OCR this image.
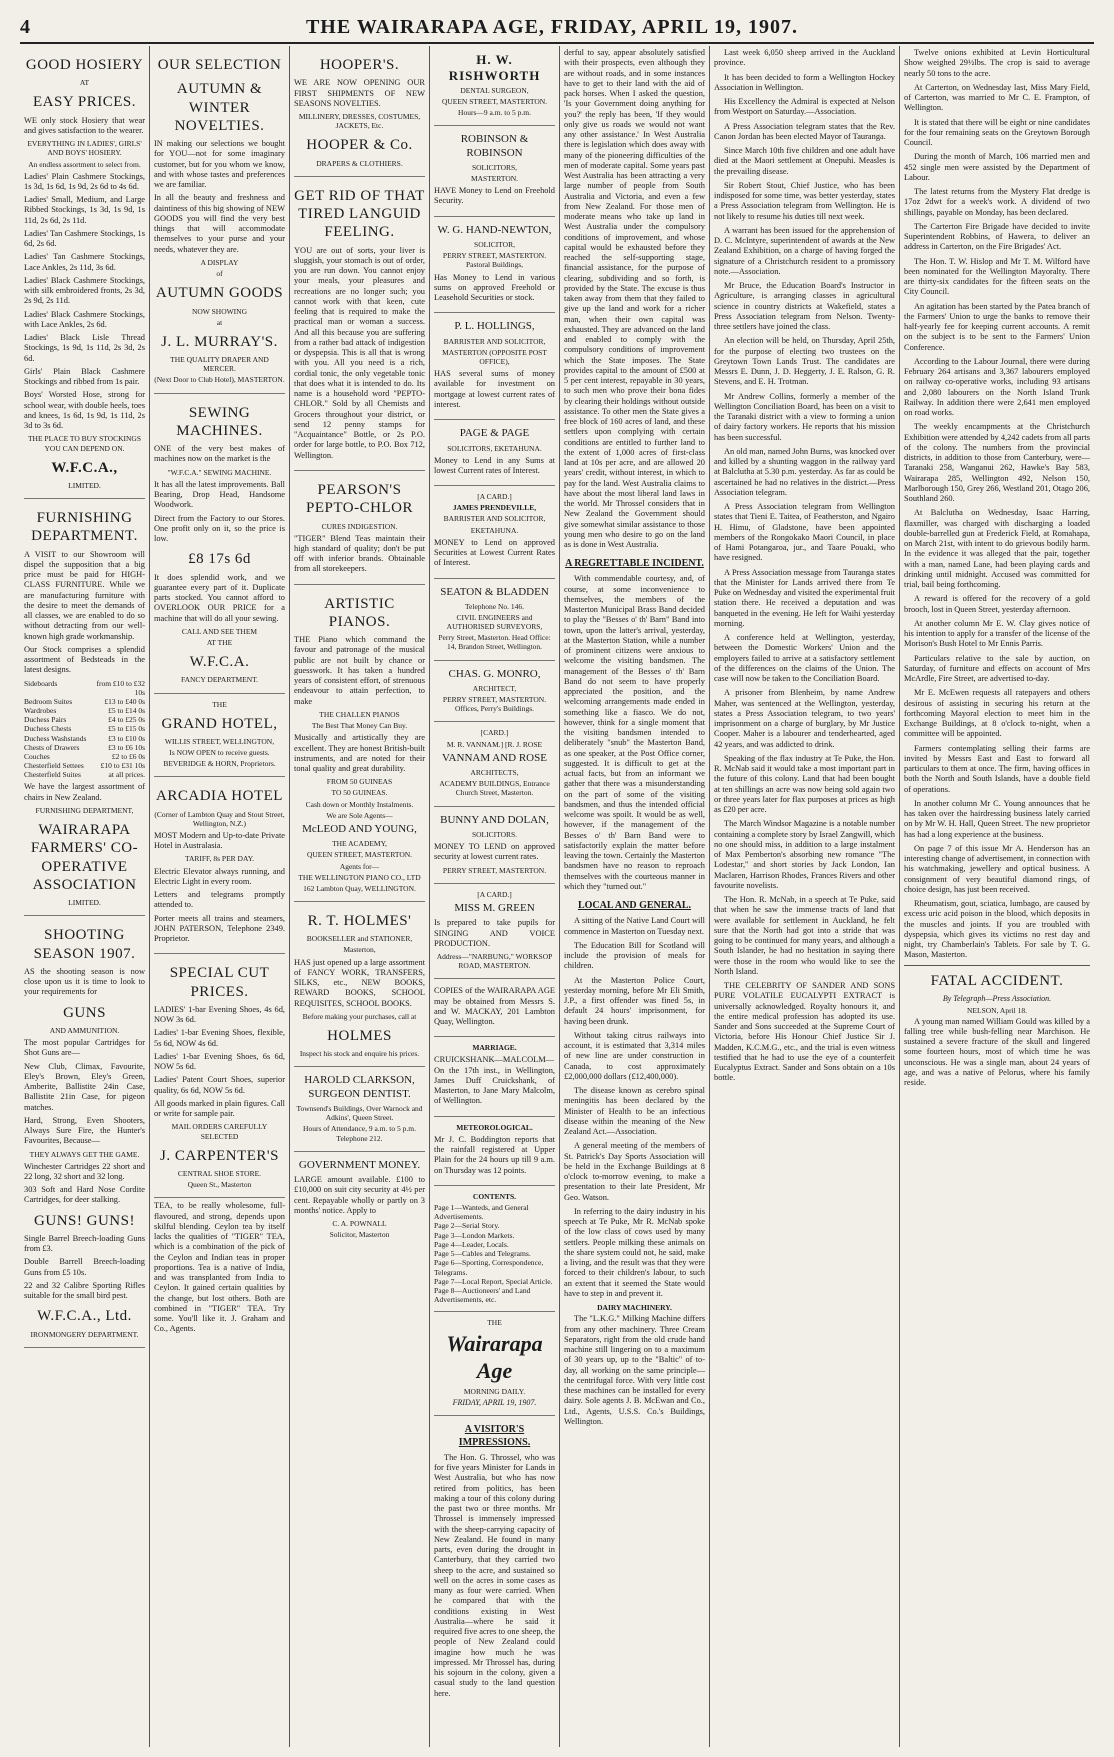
4	THE WAIRARAPA AGE, FRIDAY, APRIL 19, 1907.
GOOD HOSIERY
AT
EASY PRICES.
WE only stock Hosiery that wear and gives satisfaction to the wearer.
EVERYTHING IN LADIES', GIRLS' AND BOYS' HOSIERY.
An endless assortment to select from.
Ladies' Plain Cashmere Stockings, 1s 3d, 1s 6d, 1s 9d, 2s 6d to 4s 6d.
Ladies' Small, Medium, and Large Ribbed Stockings, 1s 3d, 1s 9d, 1s 11d, 2s 6d, 2s 11d.
Ladies' Tan Cashmere Stockings, 1s 6d, 2s 6d.
Ladies' Tan Cashmere Stockings, Lace Ankles, 2s 11d, 3s 6d.
Ladies' Black Cashmere Stockings, with silk embroidered fronts, 2s 3d, 2s 9d, 2s 11d.
Ladies' Black Cashmere Stockings, with Lace Ankles, 2s 6d.
Ladies' Black Lisle Thread Stockings, 1s 9d, 1s 11d, 2s 3d, 2s 6d.
Girls' Plain Black Cashmere Stockings and ribbed from 1s pair.
Boys' Worsted Hose, strong for school wear, with double heels, toes and knees, 1s 6d, 1s 9d, 1s 11d, 2s 3d to 3s 6d.
THE PLACE TO BUY STOCKINGS YOU CAN DEPEND ON.
W.F.C.A.,
LIMITED.
FURNISHING DEPARTMENT.
A VISIT to our Showroom will dispel the supposition that a big price must be paid for HIGH-CLASS FURNITURE. While we are manufacturing furniture with the desire to meet the demands of all classes, we are enabled to do so without detracting from our well-known high grade workmanship.
Our Stock comprises a splendid assortment of Bedsteads in the latest designs.
Sideboards	from £10 to £32 10s
Bedroom Suites	£13 to £40 0s
Wardrobes	£5 to £14 0s
Duchess Pairs	£4 to £25 0s
Duchess Chests	£5 to £15 0s
Duchess Washstands	£3 to £10 0s
Chests of Drawers	£3 to £6 10s
Couches	£2 to £6 0s
Chesterfield Settees	£10 to £31 10s
Chesterfield Suites	at all prices.
We have the largest assortment of chairs in New Zealand.
FURNISHING DEPARTMENT,
WAIRARAPA FARMERS' CO-OPERATIVE ASSOCIATION
LIMITED.
SHOOTING SEASON 1907.
AS the shooting season is now close upon us it is time to look to your requirements for
GUNS
AND AMMUNITION.
The most popular Cartridges for Shot Guns are—
New Club, Climax, Favourite, Eley's Brown, Eley's Green, Amberite, Ballistite 24in Case, Ballistite 21in Case, for pigeon matches.
Hard, Strong, Even Shooters, Always Sure Fire, the Hunter's Favourites, Because—
THEY ALWAYS GET THE GAME.
Winchester Cartridges 22 short and 22 long, 32 short and 32 long.
303 Soft and Hard Nose Cordite Cartridges, for deer stalking.
GUNS! GUNS!
Single Barrel Breech-loading Guns from £3.
Double Barrell Breech-loading Guns from £5 10s.
22 and 32 Calibre Sporting Rifles suitable for the small bird pest.
W.F.C.A., Ltd.
IRONMONGERY DEPARTMENT.
OUR SELECTION
AUTUMN & WINTER NOVELTIES.
IN making our selections we bought for YOU—not for some imaginary customer, but for you whom we know, and with whose tastes and preferences we are familiar.
In all the beauty and freshness and daintiness of this big showing of NEW GOODS you will find the very best things that will accommodate themselves to your purse and your needs, whatever they are.
A DISPLAY
of
AUTUMN GOODS
NOW SHOWING
at
J. L. MURRAY'S.
THE QUALITY DRAPER AND MERCER.
(Next Door to Club Hotel), MASTERTON.
SEWING MACHINES.
ONE of the very best makes of machines now on the market is the
"W.F.C.A." SEWING MACHINE.
It has all the latest improvements. Ball Bearing, Drop Head, Handsome Woodwork.
Direct from the Factory to our Stores. One profit only on it, so the price is low.
£8 17s 6d
It does splendid work, and we guarantee every part of it. Duplicate parts stocked. You cannot afford to OVERLOOK OUR PRICE for a machine that will do all your sewing.
CALL AND SEE THEM
AT THE
W.F.C.A.
FANCY DEPARTMENT.
THE
GRAND HOTEL,
WILLIS STREET, WELLINGTON,
Is NOW OPEN to receive guests.
BEVERIDGE & HORN, Proprietors.
ARCADIA HOTEL
(Corner of Lambton Quay and Stout Street, Wellington, N.Z.)
MOST Modern and Up-to-date Private Hotel in Australasia.
TARIFF, 8s PER DAY.
Electric Elevator always running, and Electric Light in every room.
Letters and telegrams promptly attended to.
Porter meets all trains and steamers, JOHN PATERSON, Telephone 2349. Proprietor.
SPECIAL CUT PRICES.
LADIES' 1-bar Evening Shoes, 4s 6d, NOW 3s 6d.
Ladies' 1-bar Evening Shoes, flexible, 5s 6d, NOW 4s 6d.
Ladies' 1-bar Evening Shoes, 6s 6d, NOW 5s 6d.
Ladies' Patent Court Shoes, superior quality, 6s 6d, NOW 5s 6d.
All goods marked in plain figures. Call or write for sample pair.
MAIL ORDERS CAREFULLY SELECTED
J. CARPENTER'S
CENTRAL SHOE STORE.
Queen St., Masterton
TEA, to be really wholesome, full-flavoured, and strong, depends upon skilful blending. Ceylon tea by itself lacks the qualities of "TIGER" TEA, which is a combination of the pick of the Ceylon and Indian teas in proper proportions. Tea is a native of India, and was transplanted from India to Ceylon. It gained certain qualities by the change, but lost others. Both are combined in "TIGER" TEA. Try some. You'll like it. J. Graham and Co., Agents.
HOOPER'S.
WE ARE NOW OPENING OUR FIRST SHIPMENTS OF NEW SEASONS NOVELTIES.
MILLINERY, DRESSES, COSTUMES, JACKETS, Etc.
HOOPER & Co.
DRAPERS & CLOTHIERS.
GET RID OF THAT TIRED LANGUID FEELING.
YOU are out of sorts, your liver is sluggish, your stomach is out of order, you are run down. You cannot enjoy your meals, your pleasures and recreations are no longer such; you cannot work with that keen, cute feeling that is required to make the practical man or woman a success. And all this because you are suffering from a rather bad attack of indigestion or dyspepsia. This is all that is wrong with you. All you need is a rich, cordial tonic, the only vegetable tonic that does what it is intended to do. Its name is a household word "PEPTO-CHLOR." Sold by all Chemists and Grocers throughout your district, or send 12 penny stamps for "Acquaintance" Bottle, or 2s P.O. order for large bottle, to P.O. Box 712, Wellington.
PEARSON'S PEPTO-CHLOR
CURES INDIGESTION.
"TIGER" Blend Teas maintain their high standard of quality; don't be put off with inferior brands. Obtainable from all storekeepers.
ARTISTIC PIANOS.
THE Piano which command the favour and patronage of the musical public are not built by chance or guesswork. It has taken a hundred years of consistent effort, of strenuous endeavour to attain perfection, to make
THE CHALLEN PIANOS
The Best That Money Can Buy.
Musically and artistically they are excellent. They are honest British-built instruments, and are noted for their tonal quality and great durability.
FROM 50 GUINEAS
TO 50 GUINEAS.
Cash down or Monthly Instalments.
We are Sole Agents—
McLEOD AND YOUNG,
THE ACADEMY,
QUEEN STREET, MASTERTON.
Agents for—
THE WELLINGTON PIANO CO., LTD
162 Lambton Quay, WELLINGTON.
R. T. HOLMES'
BOOKSELLER and STATIONER,
Masterton,
HAS just opened up a large assortment of FANCY WORK, TRANSFERS, SILKS, etc., NEW BOOKS, REWARD BOOKS, SCHOOL REQUISITES, SCHOOL BOOKS.
Before making your purchases, call at
HOLMES
Inspect his stock and enquire his prices.
HAROLD CLARKSON, SURGEON DENTIST.
Townsend's Buildings, Over Warnock and Adkins', Queen Street.
Hours of Attendance, 9 a.m. to 5 p.m. Telephone 212.
GOVERNMENT MONEY.
LARGE amount available. £100 to £10,000 on suit city security at 4½ per cent. Repayable wholly or partly on 3 months' notice. Apply to
C. A. POWNALL
Solicitor, Masterton
H. W. RISHWORTH
DENTAL SURGEON,
QUEEN STREET, MASTERTON.
Hours—9 a.m. to 5 p.m.
ROBINSON & ROBINSON
SOLICITORS,
MASTERTON.
HAVE Money to Lend on Freehold Security.
W. G. HAND-NEWTON,
SOLICITOR,
PERRY STREET, MASTERTON. Pastoral Buildings,
Has Money to Lend in various sums on approved Freehold or Leasehold Securities or stock.
P. L. HOLLINGS,
BARRISTER AND SOLICITOR,
MASTERTON (OPPOSITE POST OFFICE),
HAS several sums of money available for investment on mortgage at lowest current rates of interest.
PAGE & PAGE
SOLICITORS, EKETAHUNA.
Money to Lend in any Sums at lowest Current rates of Interest.
[A CARD.]
JAMES PRENDEVILLE,
BARRISTER AND SOLICITOR,
EKETAHUNA.
MONEY to Lend on approved Securities at Lowest Current Rates of Interest.
SEATON & BLADDEN
Telephone No. 146.
CIVIL ENGINEERS and AUTHORISED SURVEYORS,
Perry Street, Masterton. Head Office: 14, Brandon Street, Wellington.
CHAS. G. MONRO,
ARCHITECT,
PERRY STREET, MASTERTON. Offices, Perry's Buildings.
[CARD.]
M. R. VANNAM.] [R. J. ROSE
VANNAM AND ROSE
ARCHITECTS,
ACADEMY BUILDINGS, Entrance Church Street, Masterton.
BUNNY AND DOLAN,
SOLICITORS.
MONEY TO LEND on approved security at lowest current rates.
PERRY STREET, MASTERTON.
[A CARD.]
MISS M. GREEN
Is prepared to take pupils for SINGING AND VOICE PRODUCTION.
Address—"NARBUNG," WORKSOP ROAD, MASTERTON.
COPIES of the WAIRARAPA AGE may be obtained from Messrs S. and W. MACKAY, 201 Lambton Quay, Wellington.
MARRIAGE.
CRUICKSHANK—MALCOLM—On the 17th inst., in Wellington, James Duff Cruickshank, of Masterton, to Jane Mary Malcolm, of Wellington.
METEOROLOGICAL.
Mr J. C. Boddington reports that the rainfall registered at Upper Plain for the 24 hours up till 9 a.m. on Thursday was 12 points.
CONTENTS.
Page 1—Wanteds, and General Advertisements.
Page 2—Serial Story.
Page 3—London Markets.
Page 4—Leader, Locals.
Page 5—Cables and Telegrams.
Page 6—Sporting, Correspondence, Telegrams.
Page 7—Local Report, Special Article.
Page 8—Auctioneers' and Land Advertisements, etc.
THE
Wairarapa Age
MORNING DAILY.
FRIDAY, APRIL 19, 1907.
A VISITOR'S IMPRESSIONS.
The Hon. G. Throssel, who was for five years Minister for Lands in West Australia, but who has now retired from politics, has been making a tour of this colony during the past two or three months. Mr Throssel is immensely impressed with the sheep-carrying capacity of New Zealand. He found in many parts, even during the drought in Canterbury, that they carried two sheep to the acre, and sustained so well on the acres in some cases as many as four were carried. When he compared that with the conditions existing in West Australia—where he said it required five acres to one sheep, the people of New Zealand could imagine how much he was impressed. Mr Throssel has, during his sojourn in the colony, given a casual study to the land question here.
derful to say, appear absolutely satisfied with their prospects, even although they are without roads, and in some instances have to get to their land with the aid of pack horses. When I asked the question, 'Is your Government doing anything for you?' the reply has been, 'If they would only give us roads we would not want any other assistance.' In West Australia there is legislation which does away with many of the pioneering difficulties of the men of moderate capital. Some years past West Australia has been attracting a very large number of people from South Australia and Victoria, and even a few from New Zealand. For those men of moderate means who take up land in West Australia under the compulsory conditions of improvement, and whose capital would be exhausted before they reached the self-supporting stage, financial assistance, for the purpose of clearing, subdividing and so forth, is provided by the State. The excuse is thus taken away from them that they failed to give up the land and work for a richer man, when their own capital was exhausted. They are advanced on the land and enabled to comply with the compulsory conditions of improvement which the State imposes. The State provides capital to the amount of £500 at 5 per cent interest, repayable in 30 years, to such men who prove their bona fides by clearing their holdings without outside assistance. To other men the State gives a free block of 160 acres of land, and these settlers upon complying with certain conditions are entitled to further land to the extent of 1,000 acres of first-class land at 10s per acre, and are allowed 20 years' credit, without interest, in which to pay for the land. West Australia claims to have about the most liberal land laws in the world. Mr Throssel considers that in New Zealand the Government should give somewhat similar assistance to those young men who desire to go on the land as is done in West Australia.
A REGRETTABLE INCIDENT.
With commendable courtesy, and, of course, at some inconvenience to themselves, the members of the Masterton Municipal Brass Band decided to play the "Besses o' th' Barn" Band into town, upon the latter's arrival, yesterday, at the Masterton Station, while a number of prominent citizens were anxious to welcome the visiting bandsmen. The management of the Besses o' th' Barn Band do not seem to have properly appreciated the position, and the welcoming arrangements made ended in something like a fiasco. We do not, however, think for a single moment that the visiting bandsmen intended to deliberately "snub" the Masterton Band, as one speaker, at the Post Office corner, suggested. It is difficult to get at the actual facts, but from an informant we gather that there was a misunderstanding on the part of some of the visiting bandsmen, and thus the intended official welcome was spoilt. It would be as well, however, if the management of the Besses o' th' Barn Band were to satisfactorily explain the matter before leaving the town. Certainly the Masterton bandsmen have no reason to reproach themselves with the courteous manner in which they "turned out."
LOCAL AND GENERAL.
A sitting of the Native Land Court will commence in Masterton on Tuesday next.
The Education Bill for Scotland will include the provision of meals for children.
At the Masterton Police Court, yesterday morning, before Mr Eli Smith, J.P., a first offender was fined 5s, in default 24 hours' imprisonment, for having been drunk.
Without taking citrus railways into account, it is estimated that 3,314 miles of new line are under construction in Canada, to cost approximately £2,000,000 dollars (£12,400,000).
The disease known as cerebro spinal meningitis has been declared by the Minister of Health to be an infectious disease within the meaning of the New Zealand Act.—Association.
A general meeting of the members of St. Patrick's Day Sports Association will be held in the Exchange Buildings at 8 o'clock to-morrow evening, to make a presentation to their late President, Mr Geo. Watson.
In referring to the dairy industry in his speech at Te Puke, Mr R. McNab spoke of the low class of cows used by many settlers. People milking these animals on the share system could not, he said, make a living, and the result was that they were forced to their children's labour, to such an extent that it seemed the State would have to step in and prevent it.
DAIRY MACHINERY.
The "L.K.G." Milking Machine differs from any other machinery. Three Cream Separators, right from the old crude hand machine still lingering on to a maximum of 30 years up, up to the "Baltic" of to-day, all working on the same principle—the centrifugal force. With very little cost these machines can be installed for every dairy. Sole agents J. B. McEwan and Co., Ltd., Agents, U.S.S. Co.'s Buildings, Wellington.
Last week 6,050 sheep arrived in the Auckland province.
It has been decided to form a Wellington Hockey Association in Wellington.
His Excellency the Admiral is expected at Nelson from Westport on Saturday.—Association.
A Press Association telegram states that the Rev. Canon Jordan has been elected Mayor of Tauranga.
Since March 10th five children and one adult have died at the Maori settlement at Onepuhi. Measles is the prevailing disease.
Sir Robert Stout, Chief Justice, who has been indisposed for some time, was better yesterday, states a Press Association telegram from Wellington. He is not likely to resume his duties till next week.
A warrant has been issued for the apprehension of D. C. McIntyre, superintendent of awards at the New Zealand Exhibition, on a charge of having forged the signature of a Christchurch resident to a promissory note.—Association.
Mr Bruce, the Education Board's Instructor in Agriculture, is arranging classes in agricultural science in country districts at Wakefield, states a Press Association telegram from Nelson. Twenty-three settlers have joined the class.
An election will be held, on Thursday, April 25th, for the purpose of electing two trustees on the Greytown Town Lands Trust. The candidates are Messrs E. Dunn, J. D. Heggerty, J. E. Ralson, G. R. Stevens, and E. H. Trotman.
Mr Andrew Collins, formerly a member of the Wellington Conciliation Board, has been on a visit to the Taranaki district with a view to forming a union of dairy factory workers. He reports that his mission has been successful.
An old man, named John Burns, was knocked over and killed by a shunting waggon in the railway yard at Balclutha at 5.30 p.m. yesterday. As far as could be ascertained he had no relatives in the district.—Press Association telegram.
A Press Association telegram from Wellington states that Tieni E. Taitea, of Featherston, and Ngairo H. Himu, of Gladstone, have been appointed members of the Rongokako Maori Council, in place of Hami Potangaroa, jur., and Taare Pouaki, who have resigned.
A Press Association message from Tauranga states that the Minister for Lands arrived there from Te Puke on Wednesday and visited the experimental fruit station there. He received a deputation and was banqueted in the evening. He left for Waihi yesterday morning.
A conference held at Wellington, yesterday, between the Domestic Workers' Union and the employers failed to arrive at a satisfactory settlement of the differences on the claims of the Union. The case will now be taken to the Conciliation Board.
A prisoner from Blenheim, by name Andrew Maher, was sentenced at the Wellington, yesterday, states a Press Association telegram, to two years' imprisonment on a charge of burglary, by Mr Justice Cooper. Maher is a labourer and tenderhearted, aged 42 years, and was addicted to drink.
Speaking of the flax industry at Te Puke, the Hon. R. McNab said it would take a most important part in the future of this colony. Land that had been bought at ten shillings an acre was now being sold again two or three years later for flax purposes at prices as high as £20 per acre.
The March Windsor Magazine is a notable number containing a complete story by Israel Zangwill, which no one should miss, in addition to a large instalment of Max Pemberton's absorbing new romance "The Lodestar," and short stories by Jack London, Ian Maclaren, Harrison Rhodes, Frances Rivers and other favourite novelists.
The Hon. R. McNab, in a speech at Te Puke, said that when he saw the immense tracts of land that were available for settlement in Auckland, he felt sure that the North had got into a stride that was going to be continued for many years, and although a South Islander, he had no hesitation in saying there were those in the room who would like to see the North Island.
THE CELEBRITY OF SANDER AND SONS PURE VOLATILE EUCALYPTI EXTRACT is universally acknowledged. Royalty honours it, and the entire medical profession has adopted its use. Sander and Sons succeeded at the Supreme Court of Victoria, before His Honour Chief Justice Sir J. Madden, K.C.M.G., etc., and the trial is even witness testified that he had to use the eye of a counterfeit Eucalyptus Extract. Sander and Sons obtain on a 10s bottle.
Twelve onions exhibited at Levin Horticultural Show weighed 29½lbs. The crop is said to average nearly 50 tons to the acre.
At Carterton, on Wednesday last, Miss Mary Field, of Carterton, was married to Mr C. E. Frampton, of Wellington.
It is stated that there will be eight or nine candidates for the four remaining seats on the Greytown Borough Council.
During the month of March, 106 married men and 452 single men were assisted by the Department of Labour.
The latest returns from the Mystery Flat dredge is 17oz 2dwt for a week's work. A dividend of two shillings, payable on Monday, has been declared.
The Carterton Fire Brigade have decided to invite Superintendent Robbins, of Hawera, to deliver an address in Carterton, on the Fire Brigades' Act.
The Hon. T. W. Hislop and Mr T. M. Wilford have been nominated for the Wellington Mayoralty. There are thirty-six candidates for the fifteen seats on the City Council.
An agitation has been started by the Patea branch of the Farmers' Union to urge the banks to remove their half-yearly fee for keeping current accounts. A remit on the subject is to be sent to the Farmers' Union Conference.
According to the Labour Journal, there were during February 264 artisans and 3,367 labourers employed on railway co-operative works, including 93 artisans and 2,080 labourers on the North Island Trunk Railway. In addition there were 2,641 men employed on road works.
The weekly encampments at the Christchurch Exhibition were attended by 4,242 cadets from all parts of the colony. The numbers from the provincial districts, in addition to those from Canterbury, were—Taranaki 258, Wanganui 262, Hawke's Bay 583, Wairarapa 285, Wellington 492, Nelson 150, Marlborough 150, Grey 266, Westland 201, Otago 206, Southland 260.
At Balclutha on Wednesday, Isaac Harring, flaxmiller, was charged with discharging a loaded double-barrelled gun at Frederick Field, at Romahapa, on March 21st, with intent to do grievous bodily harm. In the evidence it was alleged that the pair, together with a man, named Lane, had been playing cards and drinking until midnight. Accused was committed for trial, bail being forthcoming.
A reward is offered for the recovery of a gold brooch, lost in Queen Street, yesterday afternoon.
At another column Mr E. W. Clay gives notice of his intention to apply for a transfer of the license of the Morison's Bush Hotel to Mr Ennis Parris.
Particulars relative to the sale by auction, on Saturday, of furniture and effects on account of Mrs McArdle, Fire Street, are advertised to-day.
Mr E. McEwen requests all ratepayers and others desirous of assisting in securing his return at the forthcoming Mayoral election to meet him in the Exchange Buildings, at 8 o'clock to-night, when a committee will be appointed.
Farmers contemplating selling their farms are invited by Messrs East and East to forward all particulars to them at once. The firm, having offices in both the North and South Islands, have a double field of operations.
In another column Mr C. Young announces that he has taken over the hairdressing business lately carried on by Mr W. H. Hall, Queen Street. The new proprietor has had a long experience at the business.
On page 7 of this issue Mr A. Henderson has an interesting change of advertisement, in connection with his watchmaking, jewellery and optical business. A consignment of very beautiful diamond rings, of choice design, has just been received.
Rheumatism, gout, sciatica, lumbago, are caused by excess uric acid poison in the blood, which deposits in the muscles and joints. If you are troubled with dyspepsia, which gives its victims no rest day and night, try Chamberlain's Tablets. For sale by T. G. Mason, Masterton.
FATAL ACCIDENT.
By Telegraph—Press Association.
NELSON, April 18.
A young man named William Gould was killed by a falling tree while bush-felling near Marchison. He sustained a severe fracture of the skull and lingered some fourteen hours, most of which time he was unconscious. He was a single man, about 24 years of age, and was a native of Pelorus, where his family reside.
